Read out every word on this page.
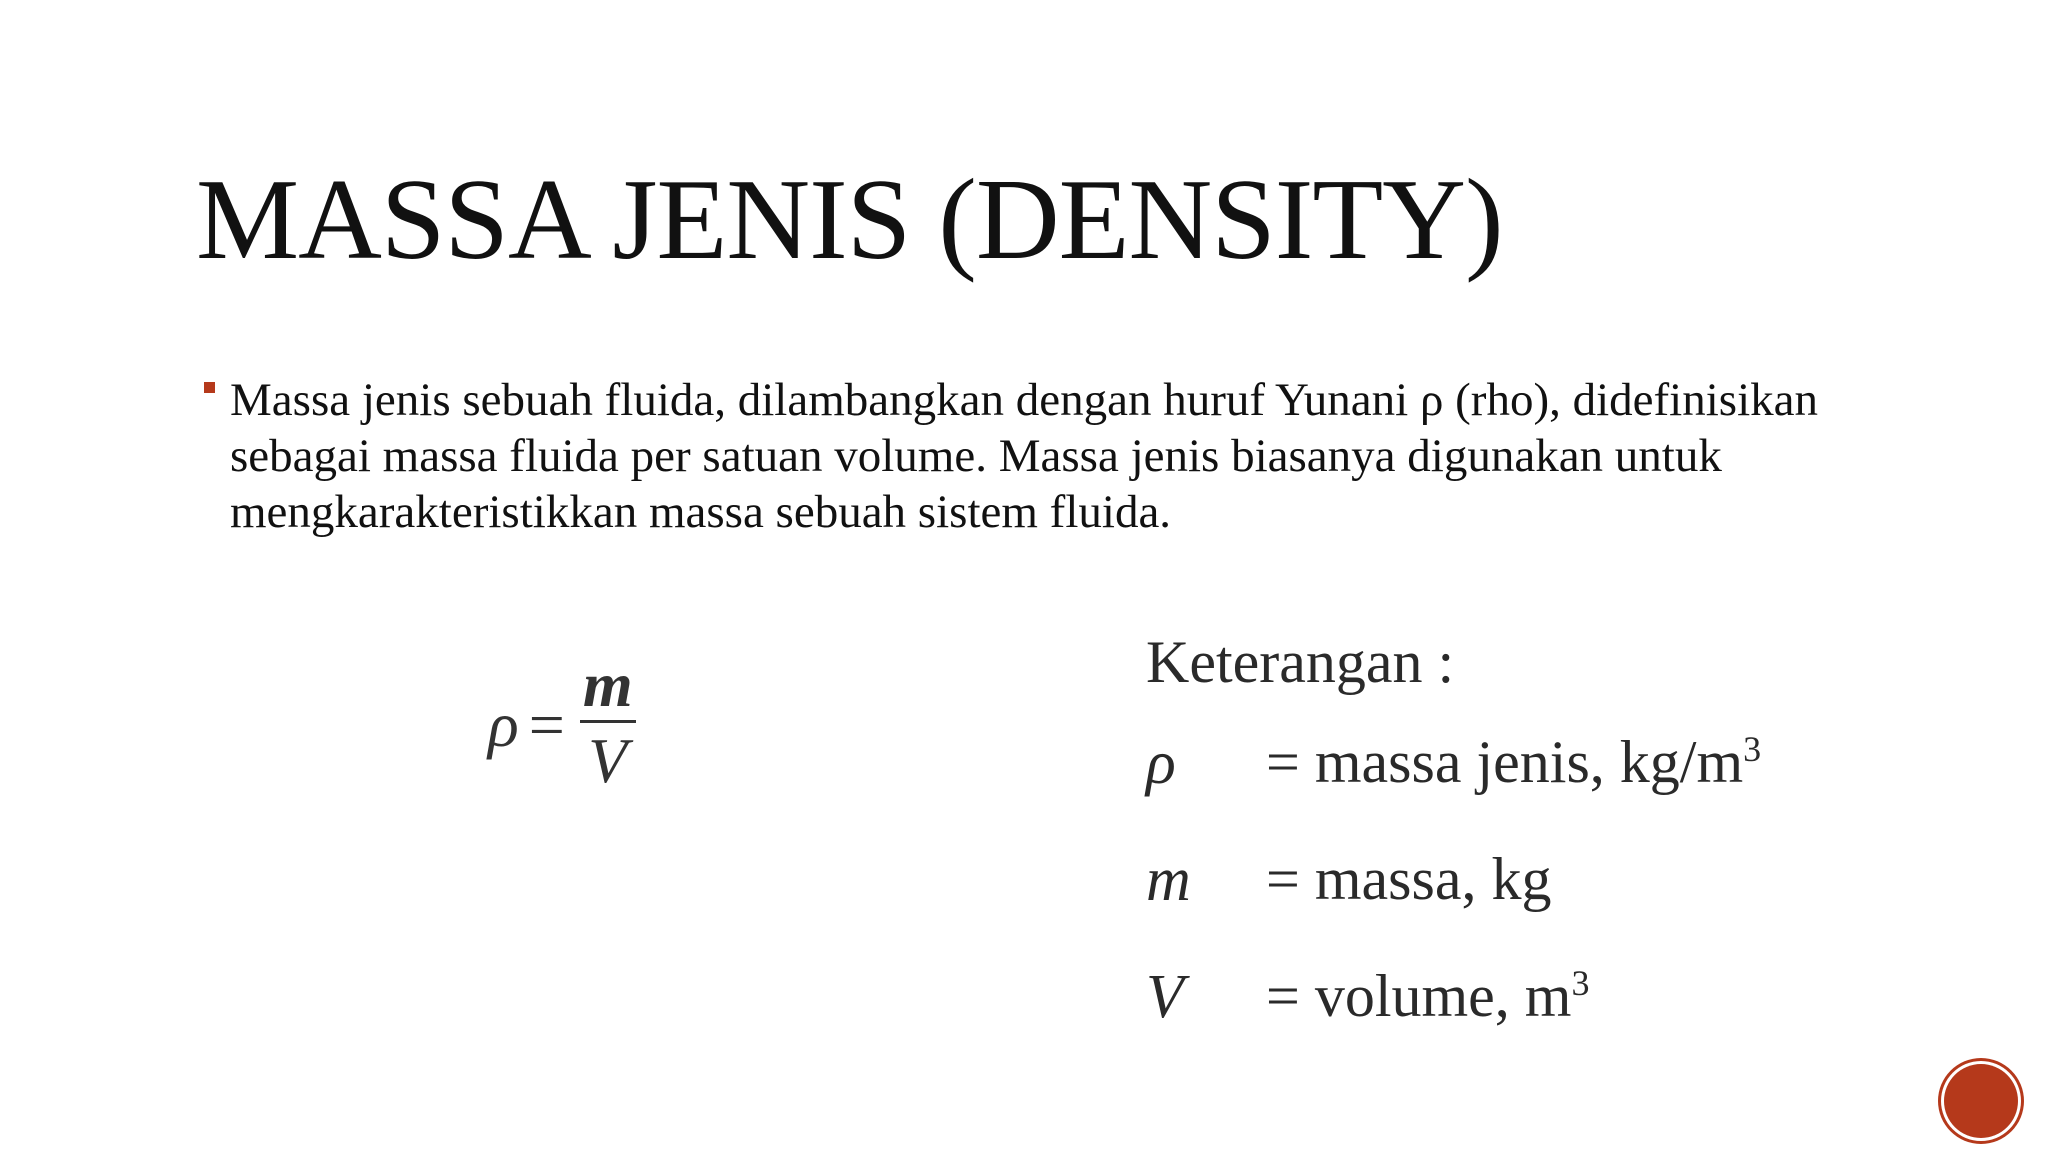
MASSA JENIS (DENSITY)
Massa jenis sebuah fluida, dilambangkan dengan huruf Yunani ρ (rho), didefinisikan sebagai massa fluida per satuan volume. Massa jenis biasanya digunakan untuk mengkarakteristikkan massa sebuah sistem fluida.
$\rho = \frac{m}{V}$	Keterangan :
ρ = massa jenis, $kg/m^3$
m = massa, kg
V = volume, $m^3$
